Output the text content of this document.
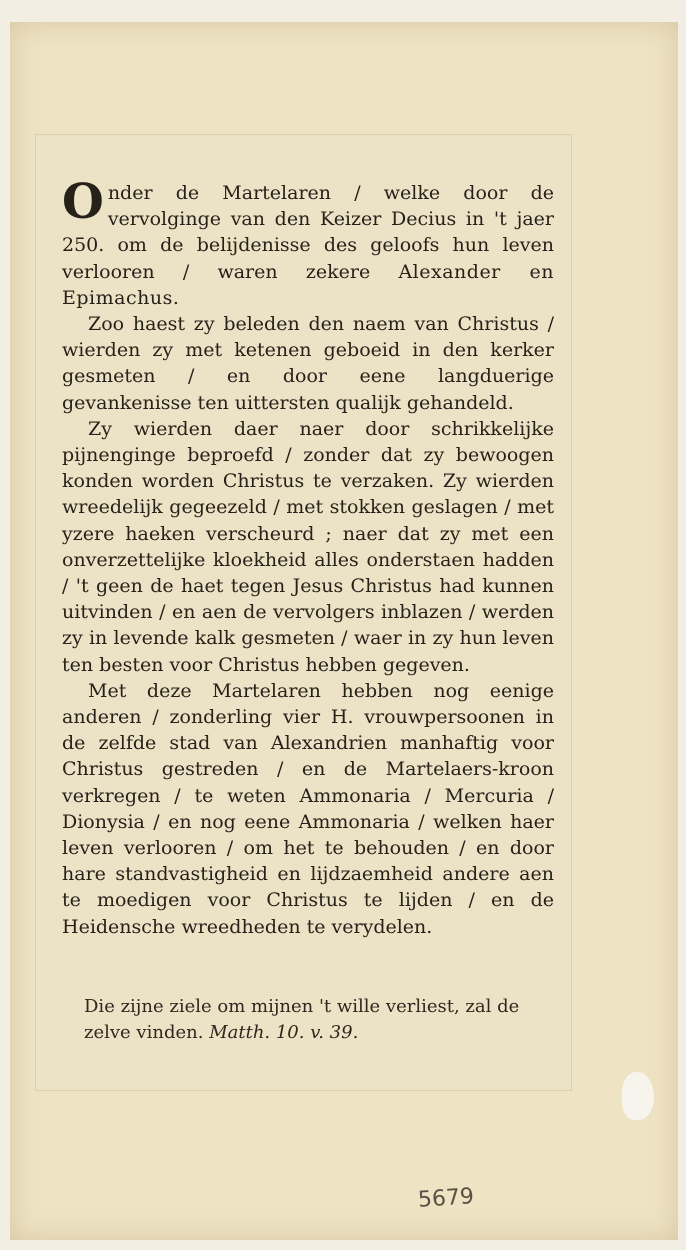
Onder de Martelaren / welke door de vervolginge van den Keizer Decius in 't jaer 250. om de belijdenisse des geloofs hun leven verlooren / waren zekere Alexander en Epimachus.

Zoo haest zy beleden den naem van Christus / wierden zy met ketenen geboeid in den kerker gesmeten / en door eene langduerige gevankenisse ten uittersten qualijk gehandeld.

Zy wierden daer naer door schrikkelijke pijnenginge beproefd / zonder dat zy bewoogen konden worden Christus te verzaken. Zy wierden wreedelijk gegeezeld / met stokken geslagen / met yzere haeken verscheurd ; naer dat zy met een onverzettelijke kloekheid alles onderstaen hadden / 't geen de haet tegen Jesus Christus had kunnen uitvinden / en aen de vervolgers inblazen / werden zy in levende kalk gesmeten / waer in zy hun leven ten besten voor Christus hebben gegeven.

Met deze Martelaren hebben nog eenige anderen / zonderling vier H. vrouwpersoonen in de zelfde stad van Alexandrien manhaftig voor Christus gestreden / en de Martelaers-kroon verkregen / te weten Ammonaria / Mercuria / Dionysia / en nog eene Ammonaria / welken haer leven verlooren / om het te behouden / en door hare standvastigheid en lijdzaemheid andere aen te moedigen voor Christus te lijden / en de Heidensche wreedheden te verydelen.

Die zijne ziele om mijnen 't wille verliest, zal de zelve vinden. Matth. 10. v. 39.
5679
